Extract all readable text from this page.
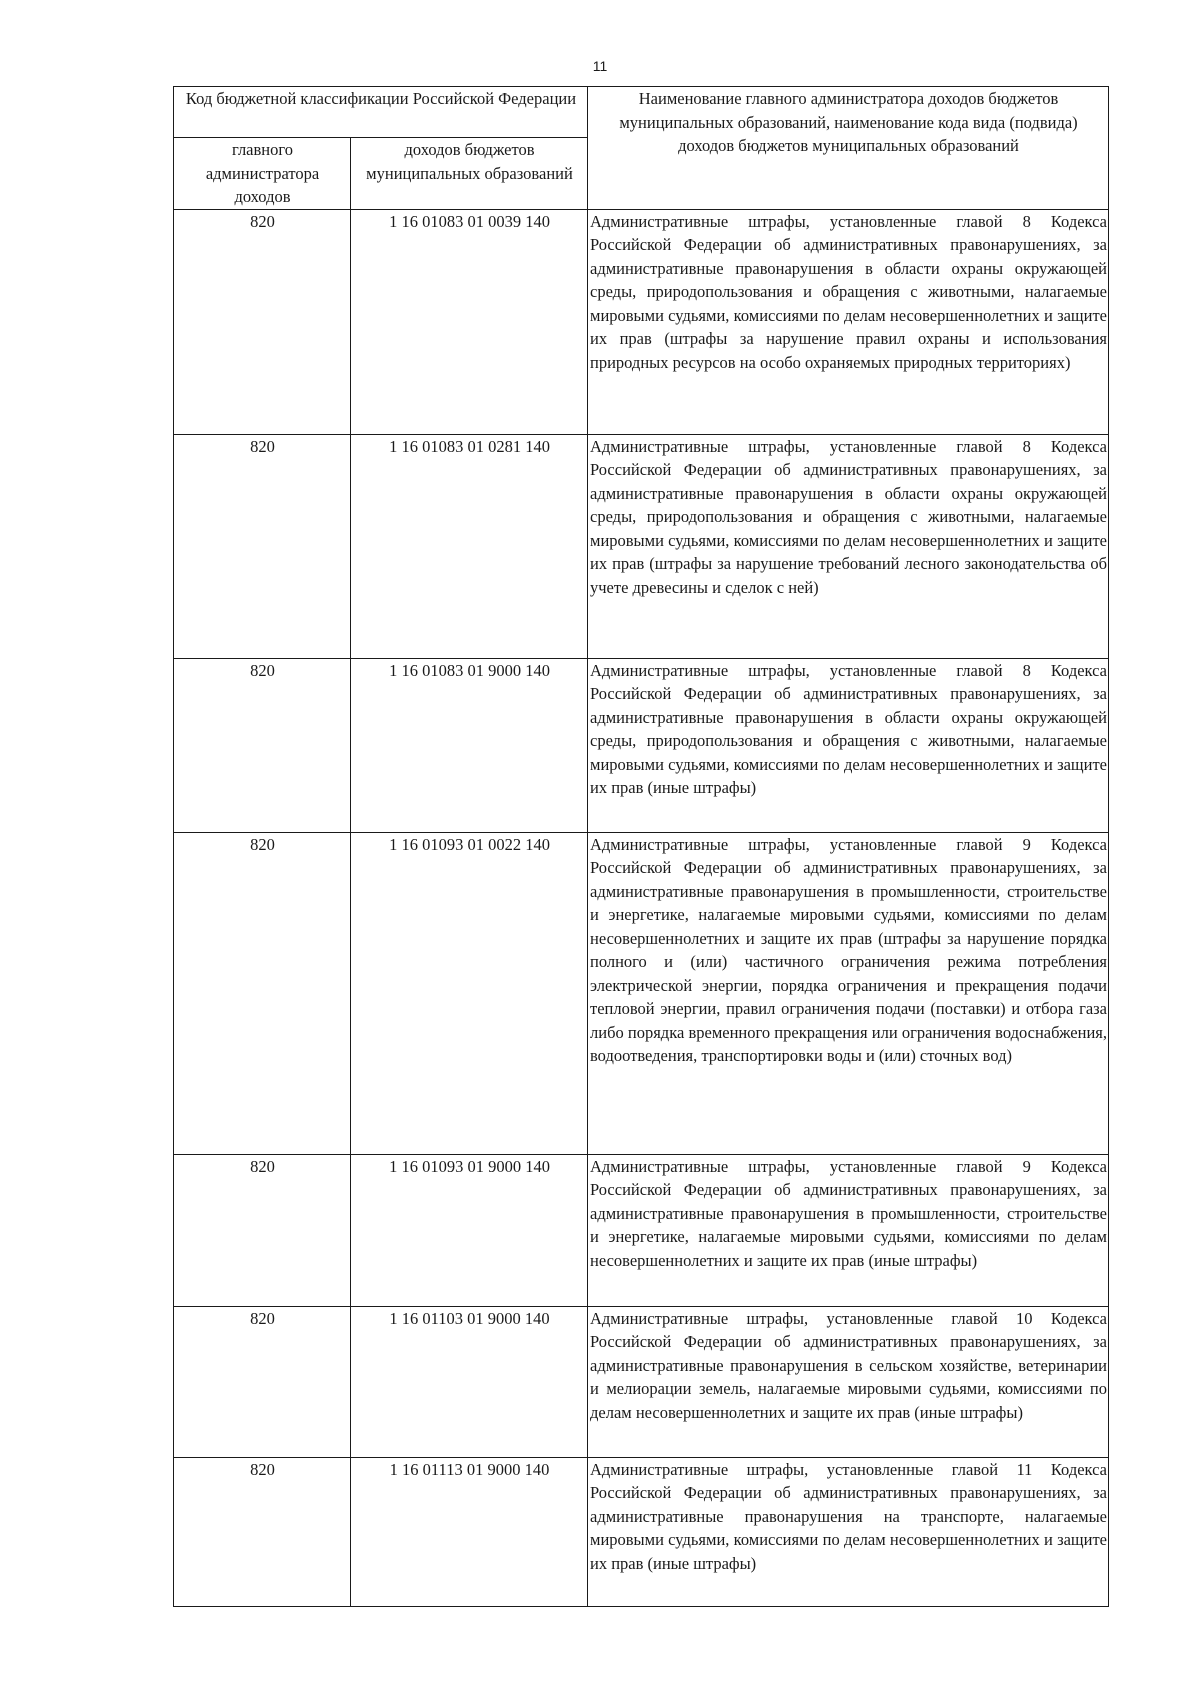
11
Код бюджетной классификации Российской Федерации		Наименование главного администратора доходов бюджетов муниципальных образований, наименование кода вида (подвида) доходов бюджетов муниципальных образований
главного администратора доходов	доходов бюджетов муниципальных образований	
820	1 16 01083 01 0039 140	Административные штрафы, установленные главой 8 Кодекса Российской Федерации об административных правонарушениях, за административные правонарушения в области охраны окружающей среды, природопользования и обращения с животными, налагаемые мировыми судьями, комиссиями по делам несовершеннолетних и защите их прав (штрафы за нарушение правил охраны и использования природных ресурсов на особо охраняемых природных территориях)
820	1 16 01083 01 0281 140	Административные штрафы, установленные главой 8 Кодекса Российской Федерации об административных правонарушениях, за административные правонарушения в области охраны окружающей среды, природопользования и обращения с животными, налагаемые мировыми судьями, комиссиями по делам несовершеннолетних и защите их прав (штрафы за нарушение требований лесного законодательства об учете древесины и сделок с ней)
820	1 16 01083 01 9000 140	Административные штрафы, установленные главой 8 Кодекса Российской Федерации об административных правонарушениях, за административные правонарушения в области охраны окружающей среды, природопользования и обращения с животными, налагаемые мировыми судьями, комиссиями по делам несовершеннолетних и защите их прав (иные штрафы)
820	1 16 01093 01 0022 140	Административные штрафы, установленные главой 9 Кодекса Российской Федерации об административных правонарушениях, за административные правонарушения в промышленности, строительстве и энергетике, налагаемые мировыми судьями, комиссиями по делам несовершеннолетних и защите их прав (штрафы за нарушение порядка полного и (или) частичного ограничения режима потребления электрической энергии, порядка ограничения и прекращения подачи тепловой энергии, правил ограничения подачи (поставки) и отбора газа либо порядка временного прекращения или ограничения водоснабжения, водоотведения, транспортировки воды и (или) сточных вод)
820	1 16 01093 01 9000 140	Административные штрафы, установленные главой 9 Кодекса Российской Федерации об административных правонарушениях, за административные правонарушения в промышленности, строительстве и энергетике, налагаемые мировыми судьями, комиссиями по делам несовершеннолетних и защите их прав (иные штрафы)
820	1 16 01103 01 9000 140	Административные штрафы, установленные главой 10 Кодекса Российской Федерации об административных правонарушениях, за административные правонарушения в сельском хозяйстве, ветеринарии и мелиорации земель, налагаемые мировыми судьями, комиссиями по делам несовершеннолетних и защите их прав (иные штрафы)
820	1 16 01113 01 9000 140	Административные штрафы, установленные главой 11 Кодекса Российской Федерации об административных правонарушениях, за административные правонарушения на транспорте, налагаемые мировыми судьями, комиссиями по делам несовершеннолетних и защите их прав (иные штрафы)
